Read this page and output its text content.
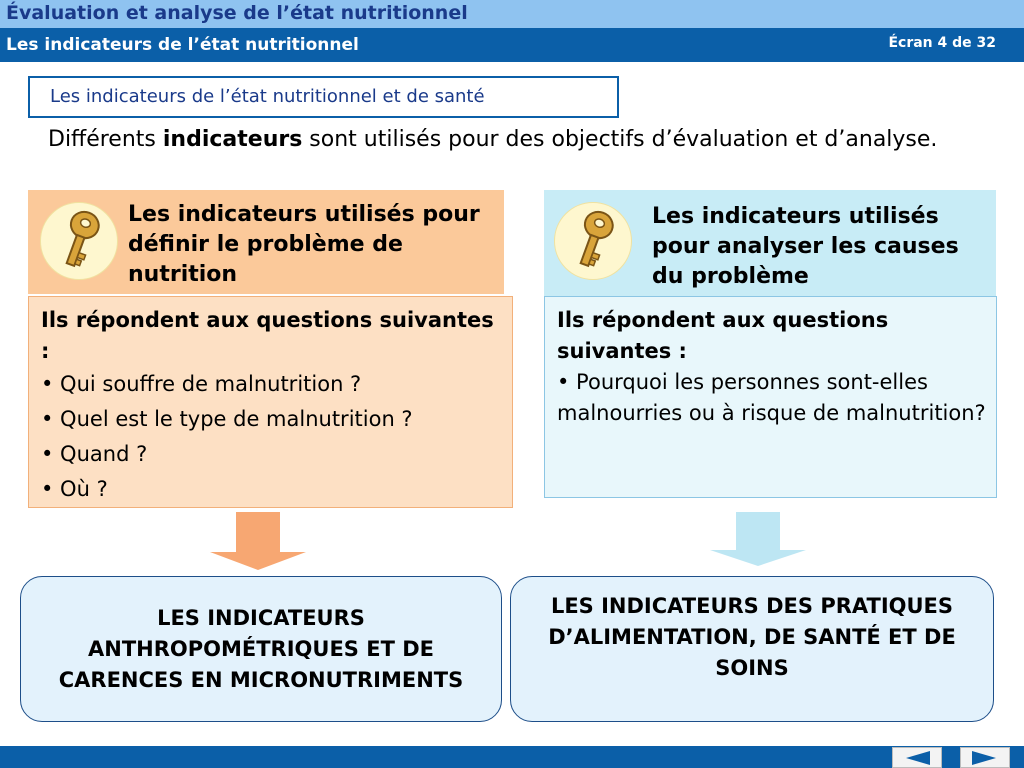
Évaluation et analyse de l’état nutritionnel
Les indicateurs de l’état nutritionnel	Écran 4 de 32
Les indicateurs de l’état nutritionnel et de santé
Différents indicateurs sont utilisés pour des objectifs d’évaluation et d’analyse.
Les indicateurs utilisés pour définir le problème de nutrition
Les indicateurs utilisés pour analyser les causes du problème
Ils répondent aux questions suivantes :
• Qui souffre de malnutrition ?
• Quel est le type de malnutrition ?
• Quand ?
• Où ?
Ils répondent aux questions suivantes :
• Pourquoi les personnes sont-elles malnourries ou à risque de malnutrition?
LES INDICATEURS ANTHROPOMÉTRIQUES ET DE CARENCES EN MICRONUTRIMENTS
LES INDICATEURS DES PRATIQUES D’ALIMENTATION, DE SANTÉ ET DE SOINS
